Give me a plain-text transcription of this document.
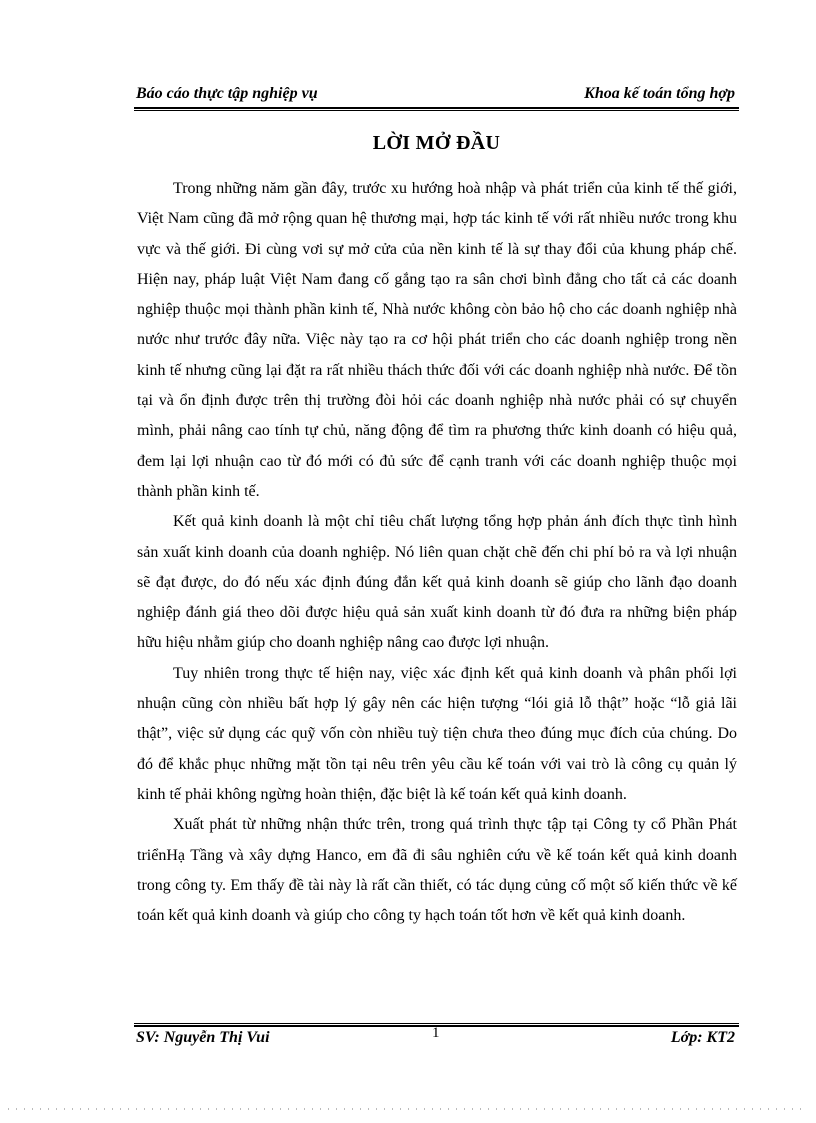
Báo cáo thực tập nghiệp vụ	Khoa kế toán tổng hợp
LỜI MỞ ĐẦU

Trong những năm gần đây, trước xu hướng hoà nhập và phát triển của kinh tế thế giới, Việt Nam cũng đã mở rộng quan hệ thương mại, hợp tác kinh tế với rất nhiều nước trong khu vực và thế giới. Đi cùng vơi sự mở cửa của nền kinh tế là sự thay đổi của khung pháp chế. Hiện nay, pháp luật Việt Nam đang cố gắng tạo ra sân chơi bình đẳng cho tất cả các doanh nghiệp thuộc mọi thành phần kinh tế, Nhà nước không còn bảo hộ cho các doanh nghiệp nhà nước như trước đây nữa. Việc này tạo ra cơ hội phát triển cho các doanh nghiệp trong nền kinh tế nhưng cũng lại đặt ra rất nhiều thách thức đối với các doanh nghiệp nhà nước. Để tồn tại và ổn định được trên thị trường đòi hỏi các doanh nghiệp nhà nước phải có sự chuyển mình, phải nâng cao tính tự chủ, năng động để tìm ra phương thức kinh doanh có hiệu quả, đem lại lợi nhuận cao từ đó mới có đủ sức để cạnh tranh với các doanh nghiệp thuộc mọi thành phần kinh tế.

Kết quả kinh doanh là một chỉ tiêu chất lượng tổng hợp phản ánh đích thực tình hình sản xuất kinh doanh của doanh nghiệp. Nó liên quan chặt chẽ đến chi phí bỏ ra và lợi nhuận sẽ đạt được, do đó nếu xác định đúng đắn kết quả kinh doanh sẽ giúp cho lãnh đạo doanh nghiệp đánh giá theo dõi được hiệu quả sản xuất kinh doanh từ đó đưa ra những biện pháp hữu hiệu nhằm giúp cho doanh nghiệp nâng cao được lợi nhuận.

Tuy nhiên trong thực tế hiện nay, việc xác định kết quả kinh doanh và phân phối lợi nhuận cũng còn nhiều bất hợp lý gây nên các hiện tượng “lói giả lỗ thật” hoặc “lỗ giả lãi thật”, việc sử dụng các quỹ vốn còn nhiều tuỳ tiện chưa theo đúng mục đích của chúng. Do đó để khắc phục những mặt tồn tại nêu trên yêu cầu kế toán với vai trò là công cụ quản lý kinh tế phải không ngừng hoàn thiện, đặc biệt là kế toán kết quả kinh doanh.

Xuất phát từ những nhận thức trên, trong quá trình thực tập tại Công ty cổ Phần Phát triểnHạ Tầng và xây dựng Hanco, em đã đi sâu nghiên cứu về kế toán kết quả kinh doanh trong công ty. Em thấy đề tài này là rất cần thiết, có tác dụng củng cố một số kiến thức về kế toán kết quả kinh doanh và giúp cho công ty hạch toán tốt hơn về kết quả kinh doanh.

SV: Nguyễn Thị Vui	1	Lớp: KT2
